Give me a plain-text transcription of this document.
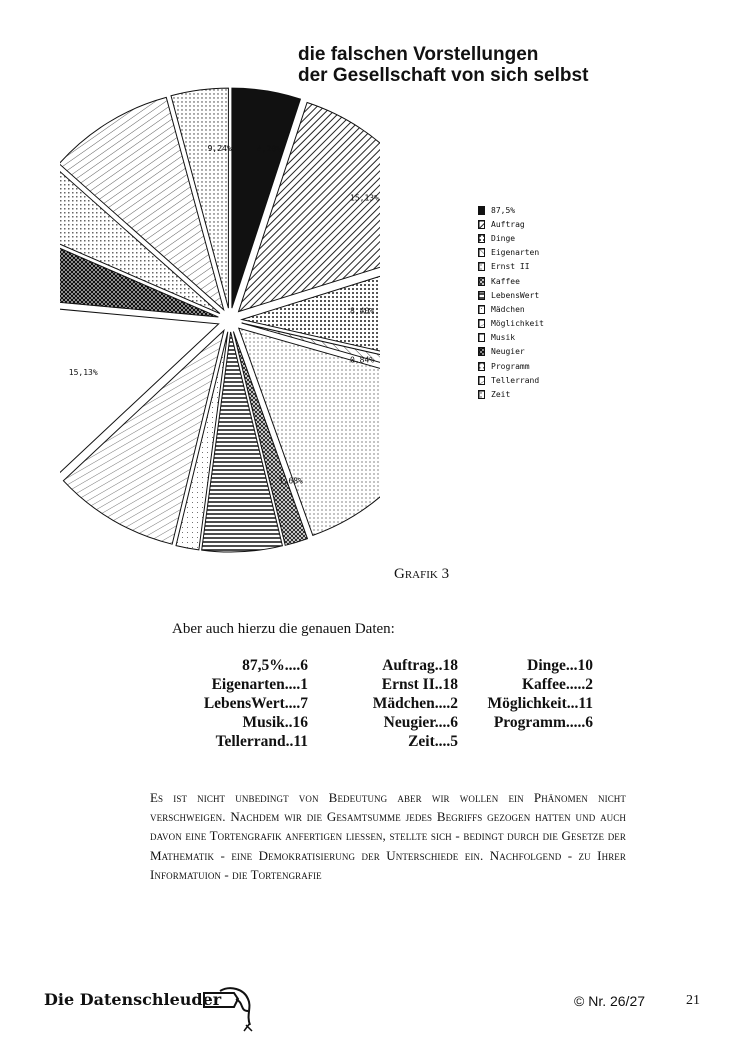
die falschen Vorstellungen
der Gesellschaft von sich selbst
4,20%
15,13%
8,40%
0,84%
1,68%
15,13%
9,24%
87,5%
Auftrag
Dinge
Eigenarten
Ernst II
Kaffee
LebensWert
Mädchen
Möglichkeit
Musik
Neugier
Programm
Tellerrand
Zeit
Grafik 3
Aber auch hierzu die genauen Daten:
87,5%....6	Auftrag..18	Dinge...10
Eigenarten....1	Ernst II..18	Kaffee.....2
LebensWert....7	Mädchen....2	Möglichkeit...11
Musik..16	Neugier....6	Programm.....6
Tellerrand..11	Zeit....5
Es ist nicht unbedingt von Bedeutung aber wir wollen ein Phänomen nicht verschweigen. Nachdem wir die Gesamtsumme jedes Begriffs gezogen hatten und auch davon eine Tortengrafik anfertigen liessen, stellte sich - bedingt durch die Gesetze der Mathematik - eine Demokratisierung der Unterschiede ein. Nachfolgend - zu Ihrer Informatuion - die Tortengrafie
Die Datenschleuder	© Nr. 26/27	21
